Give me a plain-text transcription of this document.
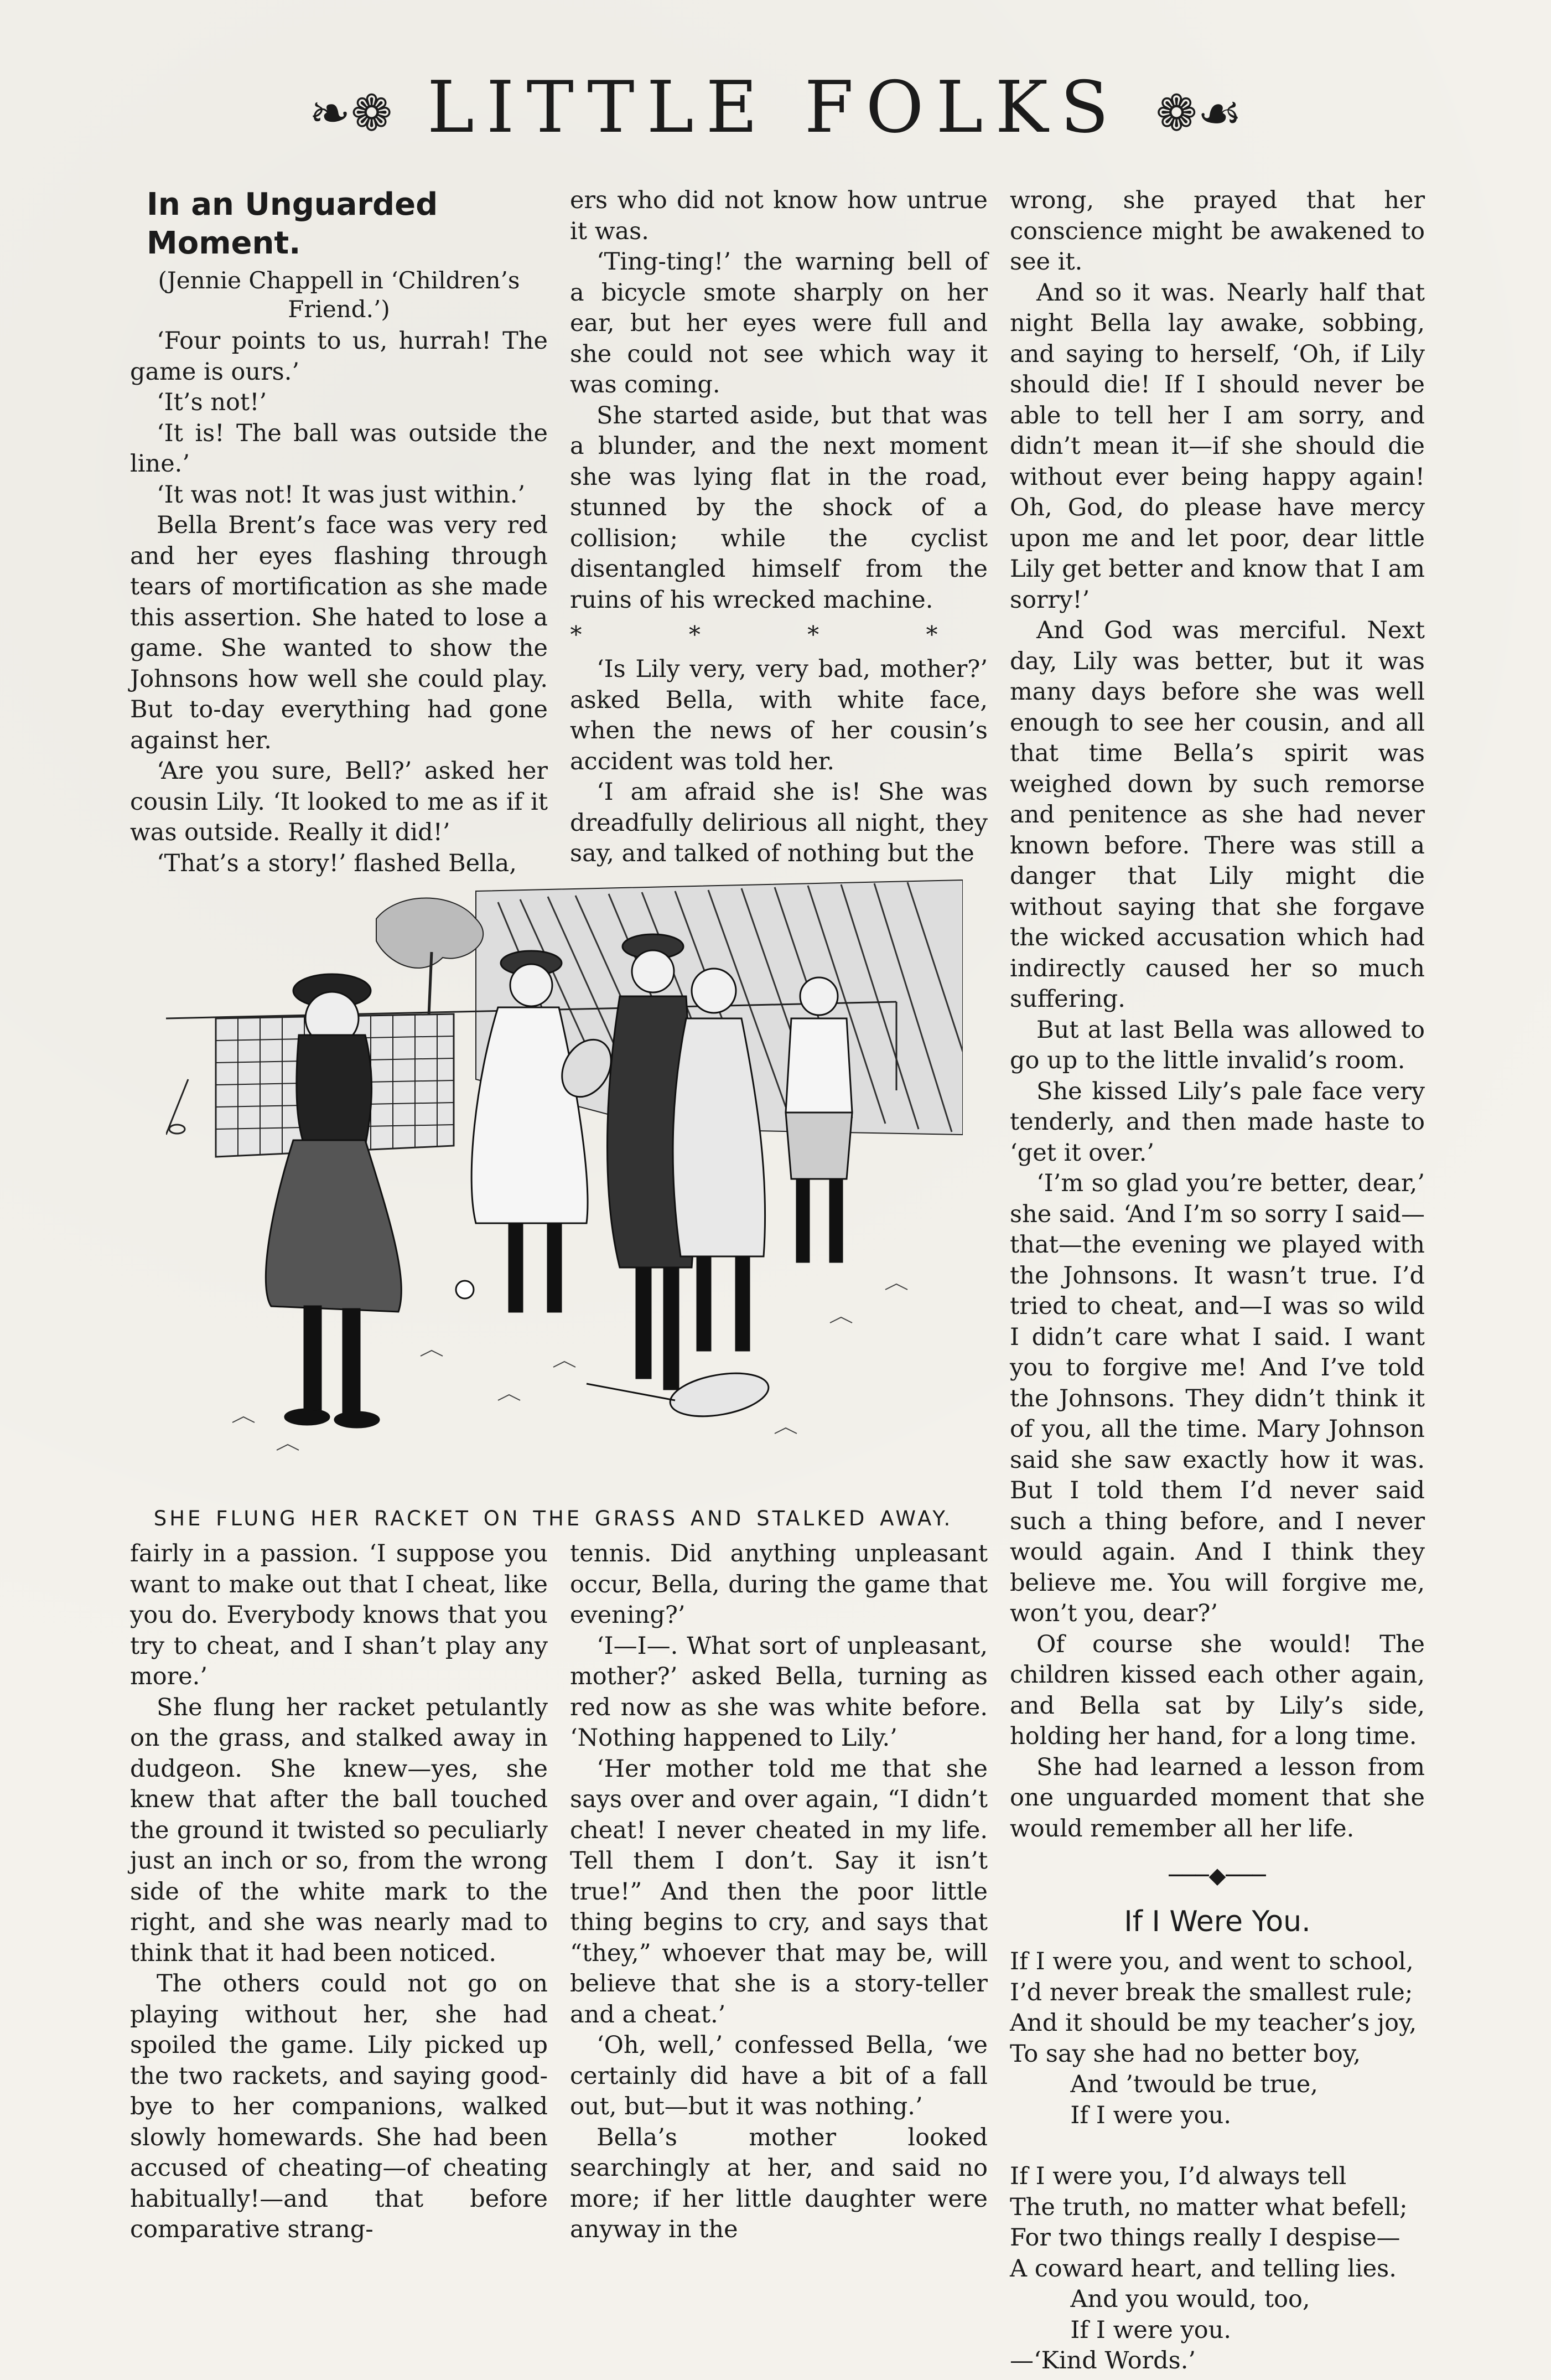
❧❁ LITTLE FOLKS ❁☙
In an Unguarded Moment.
(Jennie Chappell in ‘Children’s Friend.’)

‘Four points to us, hurrah! The game is ours.’

‘It’s not!’

‘It is! The ball was outside the line.’

‘It was not! It was just within.’

Bella Brent’s face was very red and her eyes flashing through tears of mortification as she made this assertion. She hated to lose a game. She wanted to show the Johnsons how well she could play. But to-day everything had gone against her.

‘Are you sure, Bell?’ asked her cousin Lily. ‘It looked to me as if it was outside. Really it did!’

‘That’s a story!’ flashed Bella,

ers who did not know how untrue it was.

‘Ting-ting!’ the warning bell of a bicycle smote sharply on her ear, but her eyes were full and she could not see which way it was coming.

She started aside, but that was a blunder, and the next moment she was lying flat in the road, stunned by the shock of a collision; while the cyclist disentangled himself from the ruins of his wrecked machine.

* * * *

‘Is Lily very, very bad, mother?’ asked Bella, with white face, when the news of her cousin’s accident was told her.

‘I am afraid she is! She was dreadfully delirious all night, they say, and talked of nothing but the

SHE FLUNG HER RACKET ON THE GRASS AND STALKED AWAY.

fairly in a passion. ‘I suppose you want to make out that I cheat, like you do. Everybody knows that you try to cheat, and I shan’t play any more.’

She flung her racket petulantly on the grass, and stalked away in dudgeon. She knew—yes, she knew that after the ball touched the ground it twisted so peculiarly just an inch or so, from the wrong side of the white mark to the right, and she was nearly mad to think that it had been noticed.

The others could not go on playing without her, she had spoiled the game. Lily picked up the two rackets, and saying good-bye to her companions, walked slowly homewards. She had been accused of cheating—of cheating habitually!—and that before comparative strang-

tennis. Did anything unpleasant occur, Bella, during the game that evening?’

‘I—I—. What sort of unpleasant, mother?’ asked Bella, turning as red now as she was white before. ‘Nothing happened to Lily.’

‘Her mother told me that she says over and over again, “I didn’t cheat! I never cheated in my life. Tell them I don’t. Say it isn’t true!” And then the poor little thing begins to cry, and says that “they,” whoever that may be, will believe that she is a story-teller and a cheat.’

‘Oh, well,’ confessed Bella, ‘we certainly did have a bit of a fall out, but—but it was nothing.’

Bella’s mother looked searchingly at her, and said no more; if her little daughter were anyway in the

wrong, she prayed that her conscience might be awakened to see it.

And so it was. Nearly half that night Bella lay awake, sobbing, and saying to herself, ‘Oh, if Lily should die! If I should never be able to tell her I am sorry, and didn’t mean it—if she should die without ever being happy again! Oh, God, do please have mercy upon me and let poor, dear little Lily get better and know that I am sorry!’

And God was merciful. Next day, Lily was better, but it was many days before she was well enough to see her cousin, and all that time Bella’s spirit was weighed down by such remorse and penitence as she had never known before. There was still a danger that Lily might die without saying that she forgave the wicked accusation which had indirectly caused her so much suffering.

But at last Bella was allowed to go up to the little invalid’s room.

She kissed Lily’s pale face very tenderly, and then made haste to ‘get it over.’

‘I’m so glad you’re better, dear,’ she said. ‘And I’m so sorry I said—that—the evening we played with the Johnsons. It wasn’t true. I’d tried to cheat, and—I was so wild I didn’t care what I said. I want you to forgive me! And I’ve told the Johnsons. They didn’t think it of you, all the time. Mary Johnson said she saw exactly how it was. But I told them I’d never said such a thing before, and I never would again. And I think they believe me. You will forgive me, won’t you, dear?’

Of course she would! The children kissed each other again, and Bella sat by Lily’s side, holding her hand, for a long time.

She had learned a lesson from one unguarded moment that she would remember all her life.

───◆───
If I Were You.
If I were you, and went to school,
I’d never break the smallest rule;
And it should be my teacher’s joy,
To say she had no better boy,
And ’twould be true,
If I were you.
If I were you, I’d always tell
The truth, no matter what befell;
For two things really I despise—
A coward heart, and telling lies.
And you would, too,
If I were you.
—‘Kind Words.’
